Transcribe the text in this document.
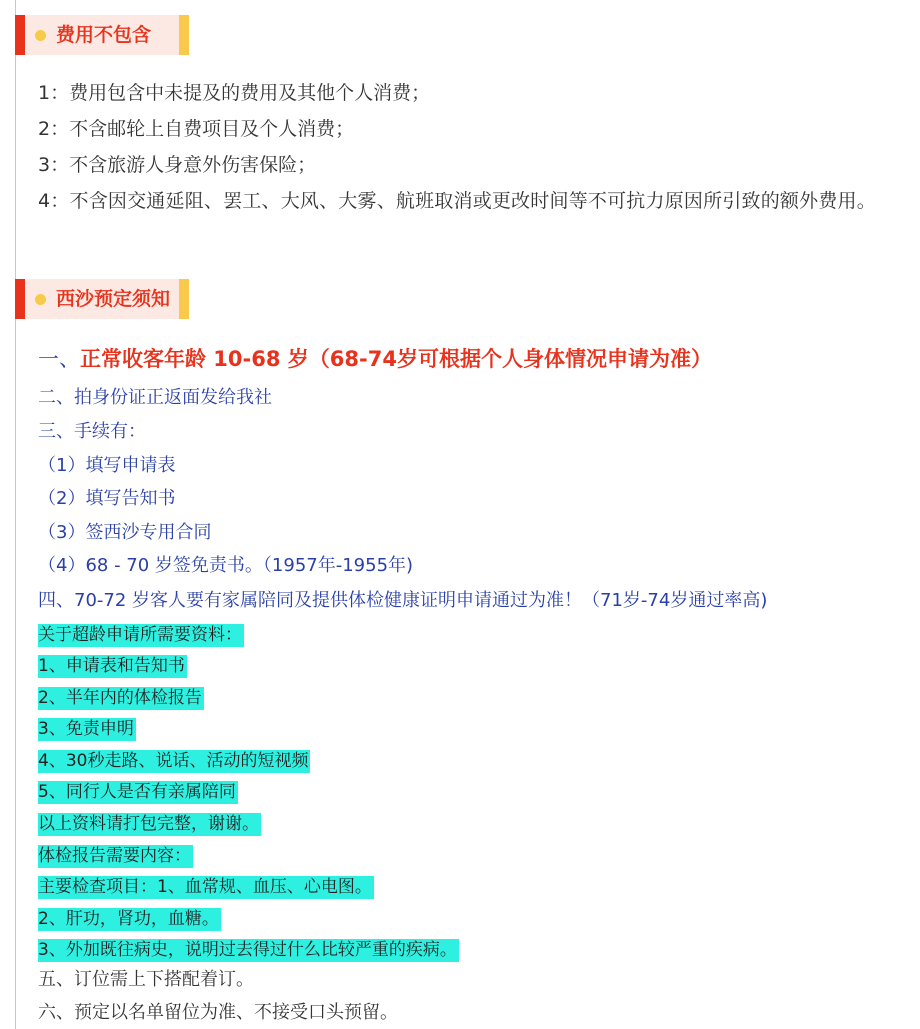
费用不包含
1：费用包含中未提及的费用及其他个人消费；
2：不含邮轮上自费项目及个人消费；
3：不含旅游人身意外伤害保险；
4：不含因交通延阻、罢工、大风、大雾、航班取消或更改时间等不可抗力原因所引致的额外费用。
西沙预定须知
一、正常收客年龄 10-68 岁（68-74岁可根据个人身体情况申请为准）
二、拍身份证正返面发给我社
三、手续有：
（1）填写申请表
（2）填写告知书
（3）签西沙专用合同
（4）68 - 70 岁签免责书。（1957年-1955年)
四、70-72 岁客人要有家属陪同及提供体检健康证明申请通过为准！（71岁-74岁通过率高)
关于超龄申请所需要资料：
1、申请表和告知书
2、半年内的体检报告
3、免责申明
4、30秒走路、说话、活动的短视频
5、同行人是否有亲属陪同
以上资料请打包完整，谢谢。
体检报告需要内容：
主要检查项目：1、血常规、血压、心电图。
2、肝功，肾功，血糖。
3、外加既往病史，说明过去得过什么比较严重的疾病。
五、订位需上下搭配着订。
六、预定以名单留位为准、不接受口头预留。
